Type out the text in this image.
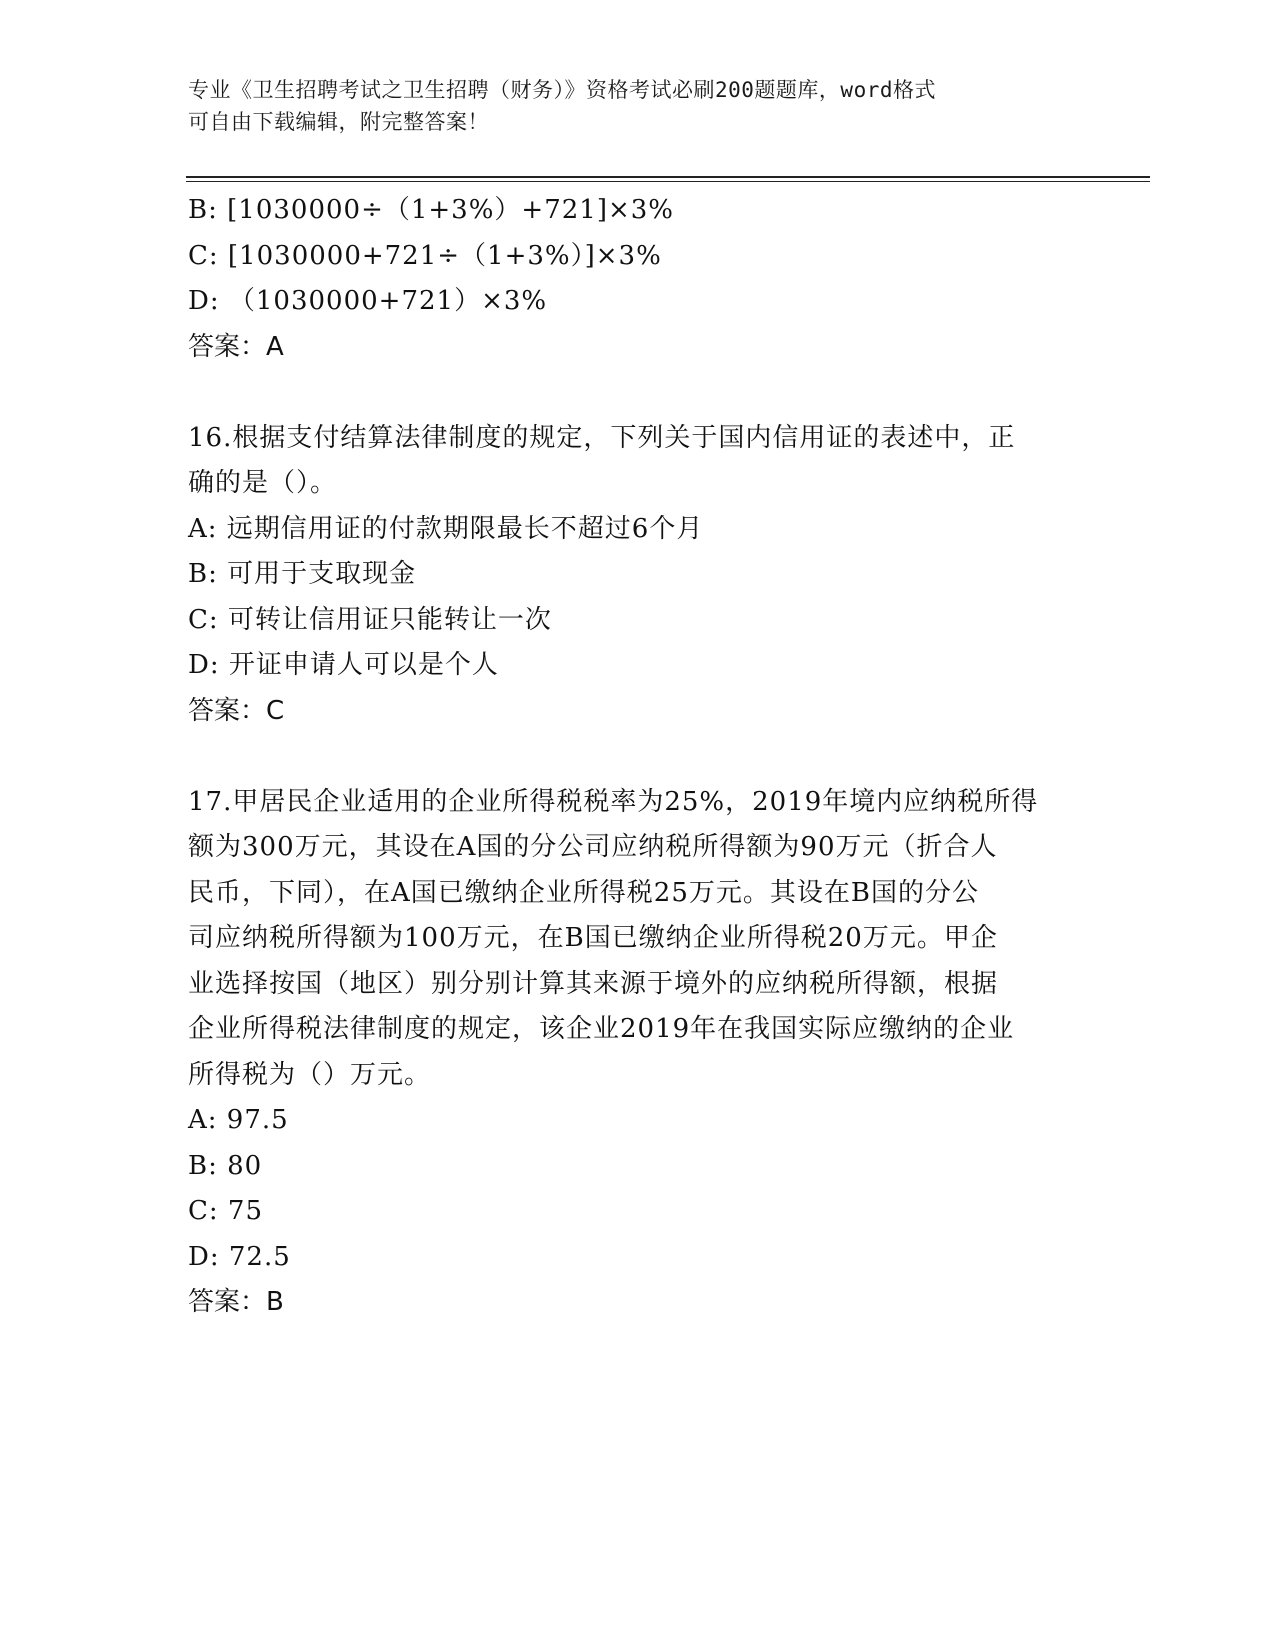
专业《卫生招聘考试之卫生招聘（财务）》资格考试必刷200题题库，word格式
可自由下载编辑，附完整答案！
B: [1030000÷（1+3%）+721]×3%
C: [1030000+721÷（1+3%）]×3%
D: （1030000+721）×3%
答案：A
16.根据支付结算法律制度的规定，下列关于国内信用证的表述中，正
确的是（）。
A: 远期信用证的付款期限最长不超过6个月
B: 可用于支取现金
C: 可转让信用证只能转让一次
D: 开证申请人可以是个人
答案：C
17.甲居民企业适用的企业所得税税率为25%，2019年境内应纳税所得
额为300万元，其设在A国的分公司应纳税所得额为90万元（折合人
民币，下同），在A国已缴纳企业所得税25万元。其设在B国的分公
司应纳税所得额为100万元，在B国已缴纳企业所得税20万元。甲企
业选择按国（地区）别分别计算其来源于境外的应纳税所得额，根据
企业所得税法律制度的规定，该企业2019年在我国实际应缴纳的企业
所得税为（）万元。
A: 97.5
B: 80
C: 75
D: 72.5
答案：B
